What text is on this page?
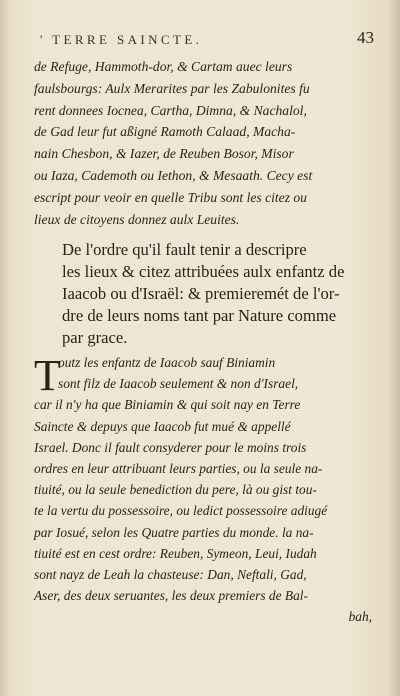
' TERRE SAINCTE.	43
de Refuge, Hammoth-dor, & Cartam auec leurs
faulsbourgs: Aulx Merarites par les Zabulonites fu
rent donnees Iocnea, Cartha, Dimna, & Nachalol,
de Gad leur fut aßigné Ramoth Calaad, Macha-
nain Chesbon, & Iazer, de Reuben Bosor, Misor
ou Iaza, Cademoth ou Iethon, & Mesaath. Cecy est
escript pour veoir en quelle Tribu sont les citez ou
lieux de citoyens donnez aulx Leuites.
De l'ordre qu'il fault tenir a descripre
les lieux & citez attribuées aulx enfantz de
Iaacob ou d'Israël: & premieremét de l'or-
dre de leurs noms tant par Nature comme
par grace.
T
outz les enfantz de Iaacob sauf Biniamin
sont filz de Iaacob seulement & non d'Israel,
car il n'y ha que Biniamin & qui soit nay en Terre
Saincte & depuys que Iaacob fut mué & appellé
Israel. Donc il fault consyderer pour le moins trois
ordres en leur attribuant leurs parties, ou la seule na-
tiuité, ou la seule benediction du pere, là ou gist tou-
te la vertu du possessoire, ou ledict possessoire adiugé
par Iosué, selon les Quatre parties du monde. la na-
tiuité est en cest ordre: Reuben, Symeon, Leui, Iudah
sont nayz de Leah la chasteuse: Dan, Neftali, Gad,
Aser, des deux seruantes, les deux premiers de Bal-
bah,
